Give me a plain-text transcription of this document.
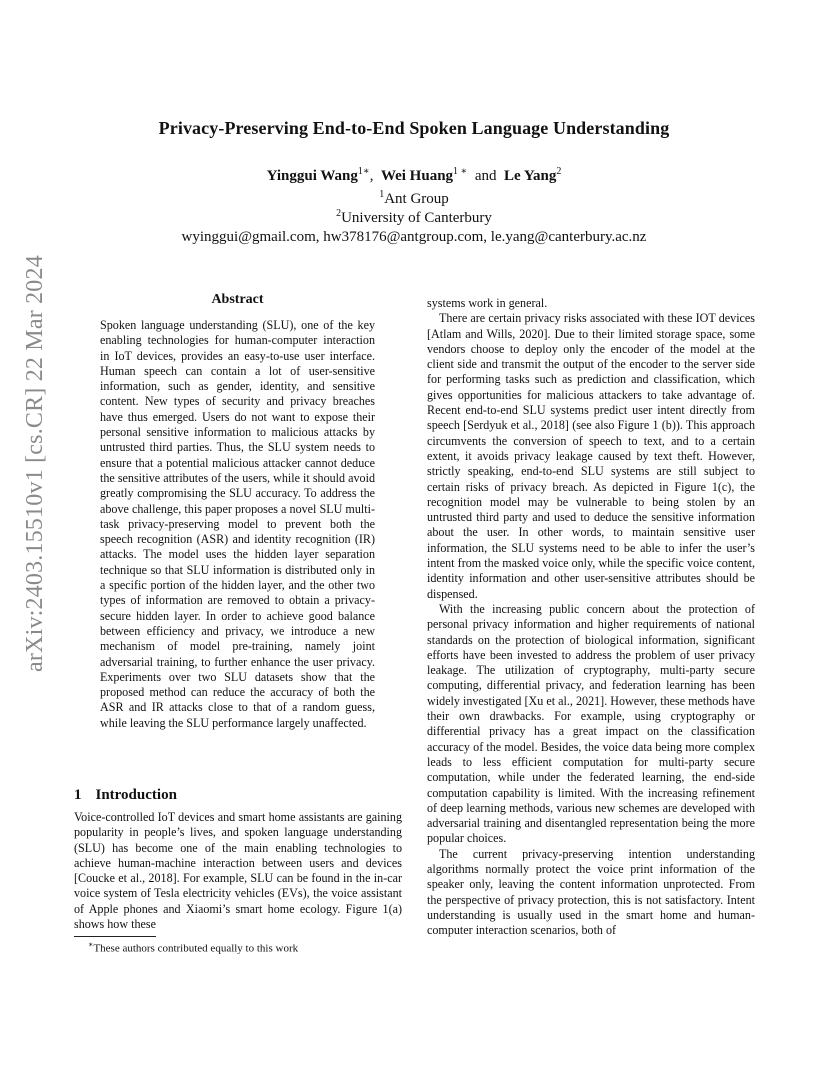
arXiv:2403.15510v1 [cs.CR] 22 Mar 2024
Privacy-Preserving End-to-End Spoken Language Understanding
Yinggui Wang$^{1∗}$,  Wei Huang$^{1 ∗}$ and Le Yang$^2$
$^1$Ant Group
$^2$University of Canterbury
wyinggui@gmail.com, hw378176@antgroup.com, le.yang@canterbury.ac.nz
Abstract

Spoken language understanding (SLU), one of the key enabling technologies for human-computer interaction in IoT devices, provides an easy-to-use user interface. Human speech can contain a lot of user-sensitive information, such as gender, identity, and sensitive content. New types of security and privacy breaches have thus emerged. Users do not want to expose their personal sensitive information to malicious attacks by untrusted third parties. Thus, the SLU system needs to ensure that a potential malicious attacker cannot deduce the sensitive attributes of the users, while it should avoid greatly compromising the SLU accuracy. To address the above challenge, this paper proposes a novel SLU multi-task privacy-preserving model to prevent both the speech recognition (ASR) and identity recognition (IR) attacks. The model uses the hidden layer separation technique so that SLU information is distributed only in a specific portion of the hidden layer, and the other two types of information are removed to obtain a privacy-secure hidden layer. In order to achieve good balance between efficiency and privacy, we introduce a new mechanism of model pre-training, namely joint adversarial training, to further enhance the user privacy. Experiments over two SLU datasets show that the proposed method can reduce the accuracy of both the ASR and IR attacks close to that of a random guess, while leaving the SLU performance largely unaffected.

1 Introduction

Voice-controlled IoT devices and smart home assistants are gaining popularity in people’s lives, and spoken language understanding (SLU) has become one of the main enabling technologies to achieve human-machine interaction between users and devices [Coucke et al., 2018]. For example, SLU can be found in the in-car voice system of Tesla electricity vehicles (EVs), the voice assistant of Apple phones and Xiaomi’s smart home ecology. Figure 1(a) shows how these

∗These authors contributed equally to this work

systems work in general.

There are certain privacy risks associated with these IOT devices [Atlam and Wills, 2020]. Due to their limited storage space, some vendors choose to deploy only the encoder of the model at the client side and transmit the output of the encoder to the server side for performing tasks such as prediction and classification, which gives opportunities for malicious attackers to take advantage of. Recent end-to-end SLU systems predict user intent directly from speech [Serdyuk et al., 2018] (see also Figure 1 (b)). This approach circumvents the conversion of speech to text, and to a certain extent, it avoids privacy leakage caused by text theft. However, strictly speaking, end-to-end SLU systems are still subject to certain risks of privacy breach. As depicted in Figure 1(c), the recognition model may be vulnerable to being stolen by an untrusted third party and used to deduce the sensitive information about the user. In other words, to maintain sensitive user information, the SLU systems need to be able to infer the user’s intent from the masked voice only, while the specific voice content, identity information and other user-sensitive attributes should be dispensed.

With the increasing public concern about the protection of personal privacy information and higher requirements of national standards on the protection of biological information, significant efforts have been invested to address the problem of user privacy leakage. The utilization of cryptography, multi-party secure computing, differential privacy, and federation learning has been widely investigated [Xu et al., 2021]. However, these methods have their own drawbacks. For example, using cryptography or differential privacy has a great impact on the classification accuracy of the model. Besides, the voice data being more complex leads to less efficient computation for multi-party secure computation, while under the federated learning, the end-side computation capability is limited. With the increasing refinement of deep learning methods, various new schemes are developed with adversarial training and disentangled representation being the more popular choices.

The current privacy-preserving intention understanding algorithms normally protect the voice print information of the speaker only, leaving the content information unprotected. From the perspective of privacy protection, this is not satisfactory. Intent understanding is usually used in the smart home and human-computer interaction scenarios, both of
